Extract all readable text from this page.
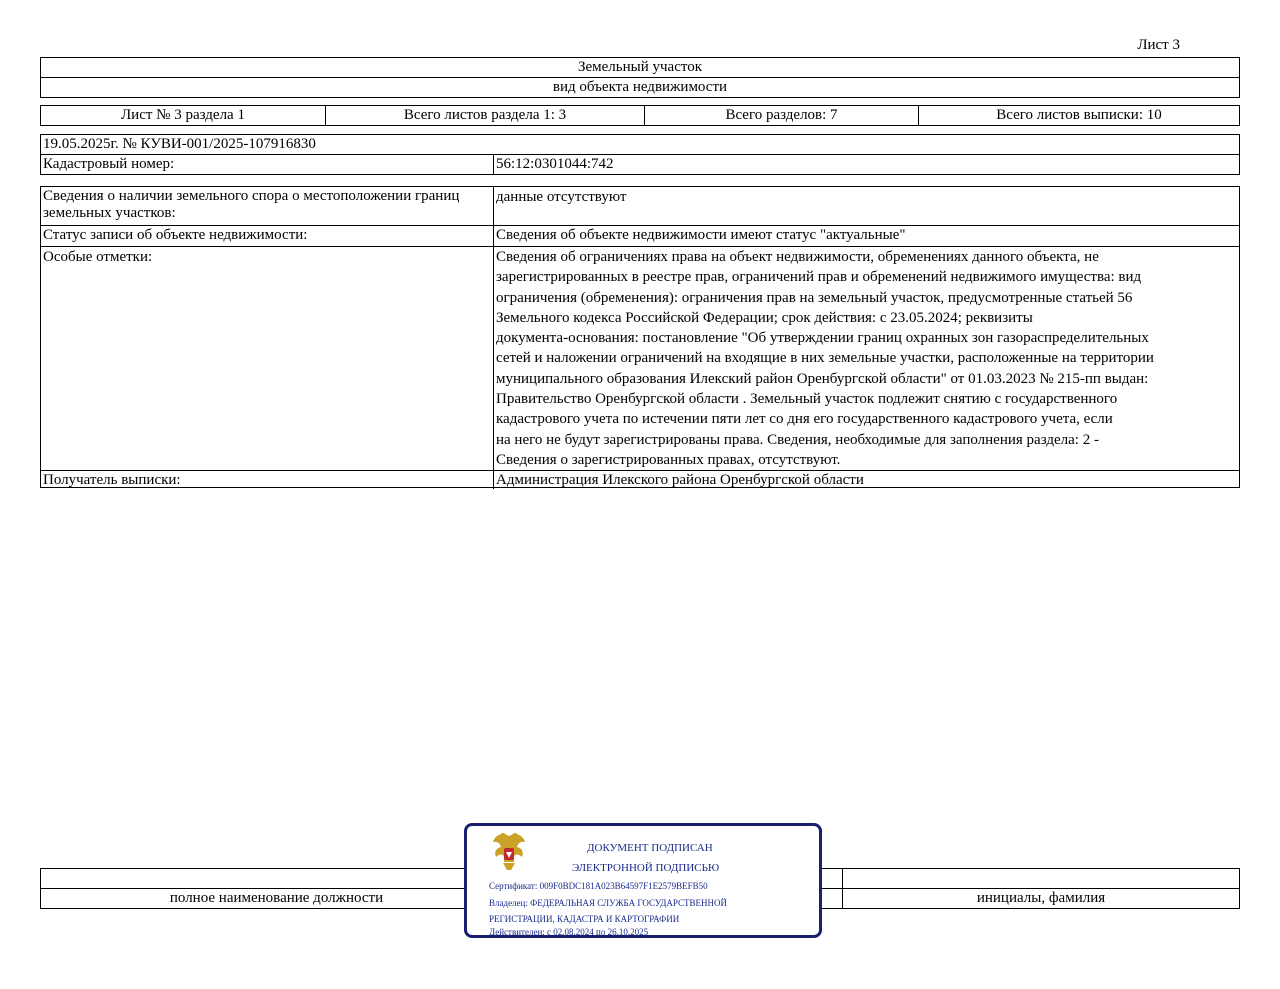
Лист 3
Земельный участок
вид объекта недвижимости
Лист № 3 раздела 1	Всего листов раздела 1: 3	Всего разделов: 7	Всего листов выписки: 10
19.05.2025г. № КУВИ-001/2025-107916830
Кадастровый номер:	56:12:0301044:742
Сведения о наличии земельного спора о местоположении границ земельных участков:
данные отсутствуют
Статус записи об объекте недвижимости:	Сведения об объекте недвижимости имеют статус "актуальные"
Особые отметки:	Сведения об ограничениях права на объект недвижимости, обременениях данного объекта, не
зарегистрированных в реестре прав, ограничений прав и обременений недвижимого имущества: вид
ограничения (обременения): ограничения прав на земельный участок, предусмотренные статьей 56
Земельного кодекса Российской Федерации; срок действия: с 23.05.2024; реквизиты
документа-основания: постановление "Об утверждении границ охранных зон газораспределительных
сетей и наложении ограничений на входящие в них земельные участки, расположенные на территории
муниципального образования Илекский район Оренбургской области" от 01.03.2023 № 215-пп выдан:
Правительство Оренбургской области . Земельный участок подлежит снятию с государственного
кадастрового учета по истечении пяти лет со дня его государственного кадастрового учета, если
на него не будут зарегистрированы права. Сведения, необходимые для заполнения раздела: 2 -
Сведения о зарегистрированных правах, отсутствуют.
Получатель выписки:	Администрация Илекского района Оренбургской области
полное наименование должности	инициалы, фамилия
ДОКУМЕНТ ПОДПИСАН
ЭЛЕКТРОННОЙ ПОДПИСЬЮ
Сертификат: 009F0BDC181A023B64597F1E2579BEFB50
Владелец: ФЕДЕРАЛЬНАЯ СЛУЖБА ГОСУДАРСТВЕННОЙ
РЕГИСТРАЦИИ, КАДАСТРА И КАРТОГРАФИИ
Действителен: с 02.08.2024 по 26.10.2025
